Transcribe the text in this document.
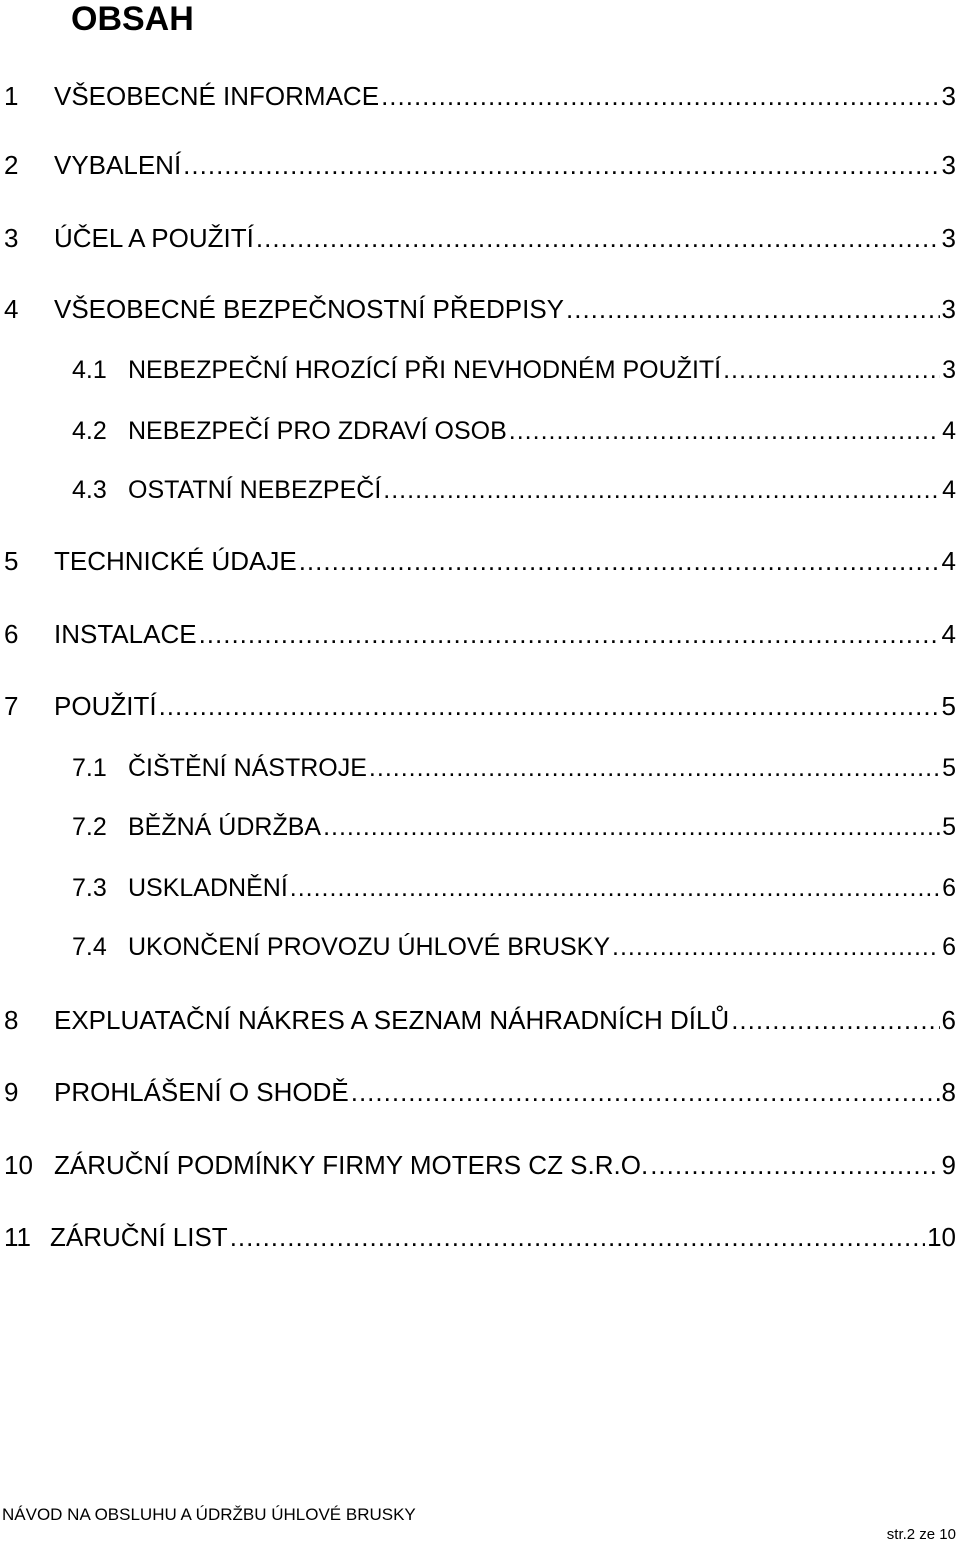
OBSAH
1	VŠEOBECNÉ INFORMACE .....	3
2	VYBALENÍ .....	3
3	ÚČEL A POUŽITÍ .....	3
4	VŠEOBECNÉ BEZPEČNOSTNÍ PŘEDPISY .....	3
4.1 NEBEZPEČNÍ HROZÍCÍ PŘI NEVHODNÉM POUŽITÍ .....	3
4.2 NEBEZPEČÍ PRO ZDRAVÍ OSOB .....	4
4.3 OSTATNÍ NEBEZPEČÍ .....	4
5	TECHNICKÉ ÚDAJE .....	4
6	INSTALACE .....	4
7	POUŽITÍ .....	5
7.1 ČIŠTĚNÍ NÁSTROJE .....	5
7.2 BĚŽNÁ ÚDRŽBA .....	5
7.3 USKLADNĚNÍ .....	6
7.4 UKONČENÍ PROVOZU ÚHLOVÉ BRUSKY .....	6
8	EXPLUATAČNÍ NÁKRES A SEZNAM NÁHRADNÍCH DÍLŮ .....	6
9	PROHLÁŠENÍ O SHODĚ .....	8
10 ZÁRUČNÍ PODMÍNKY FIRMY MOTERS CZ S.R.O. .....	9
11 ZÁRUČNÍ LIST .....	10
NÁVOD NA OBSLUHU A ÚDRŽBU ÚHLOVÉ BRUSKY
str.2 ze 10
